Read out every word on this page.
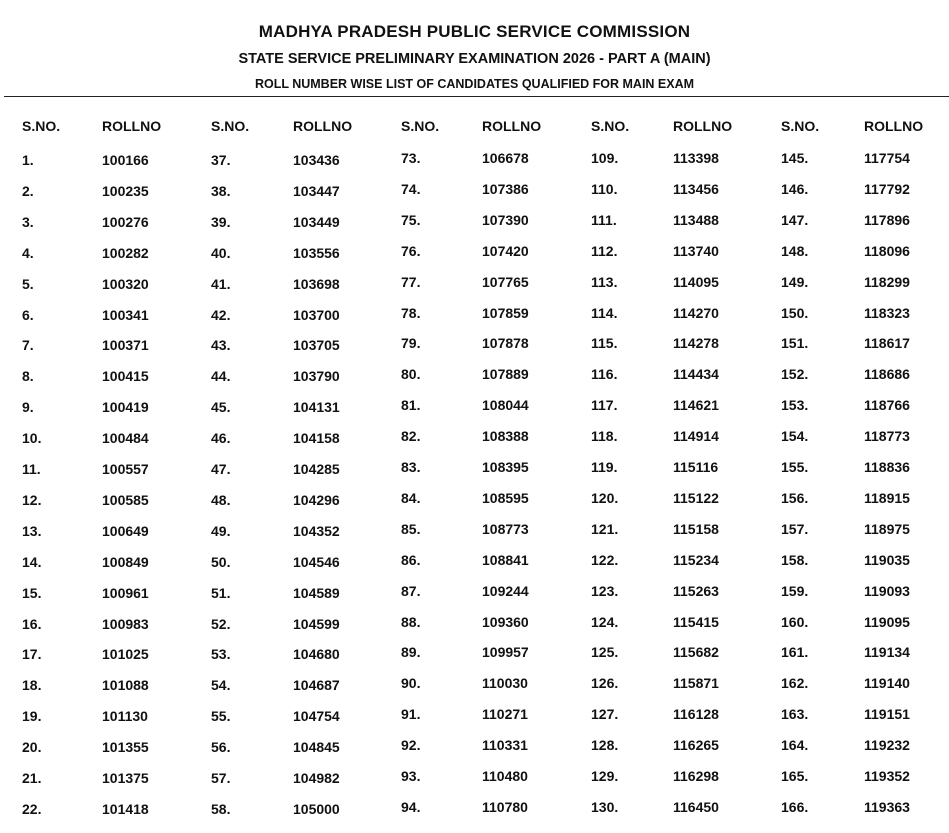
MADHYA PRADESH PUBLIC SERVICE COMMISSION
STATE SERVICE PRELIMINARY EXAMINATION 2026 - PART A (MAIN)
ROLL NUMBER WISE LIST OF CANDIDATES QUALIFIED FOR MAIN EXAM
S.NO.	ROLLNO
1.	100166
2.	100235
3.	100276
4.	100282
5.	100320
6.	100341
7.	100371
8.	100415
9.	100419
10.	100484
11.	100557
12.	100585
13.	100649
14.	100849
15.	100961
16.	100983
17.	101025
18.	101088
19.	101130
20.	101355
21.	101375
22.	101418
S.NO.	ROLLNO
37.	103436
38.	103447
39.	103449
40.	103556
41.	103698
42.	103700
43.	103705
44.	103790
45.	104131
46.	104158
47.	104285
48.	104296
49.	104352
50.	104546
51.	104589
52.	104599
53.	104680
54.	104687
55.	104754
56.	104845
57.	104982
58.	105000
S.NO.	ROLLNO
73.	106678
74.	107386
75.	107390
76.	107420
77.	107765
78.	107859
79.	107878
80.	107889
81.	108044
82.	108388
83.	108395
84.	108595
85.	108773
86.	108841
87.	109244
88.	109360
89.	109957
90.	110030
91.	110271
92.	110331
93.	110480
94.	110780
S.NO.	ROLLNO
109.	113398
110.	113456
111.	113488
112.	113740
113.	114095
114.	114270
115.	114278
116.	114434
117.	114621
118.	114914
119.	115116
120.	115122
121.	115158
122.	115234
123.	115263
124.	115415
125.	115682
126.	115871
127.	116128
128.	116265
129.	116298
130.	116450
S.NO.	ROLLNO
145.	117754
146.	117792
147.	117896
148.	118096
149.	118299
150.	118323
151.	118617
152.	118686
153.	118766
154.	118773
155.	118836
156.	118915
157.	118975
158.	119035
159.	119093
160.	119095
161.	119134
162.	119140
163.	119151
164.	119232
165.	119352
166.	119363
